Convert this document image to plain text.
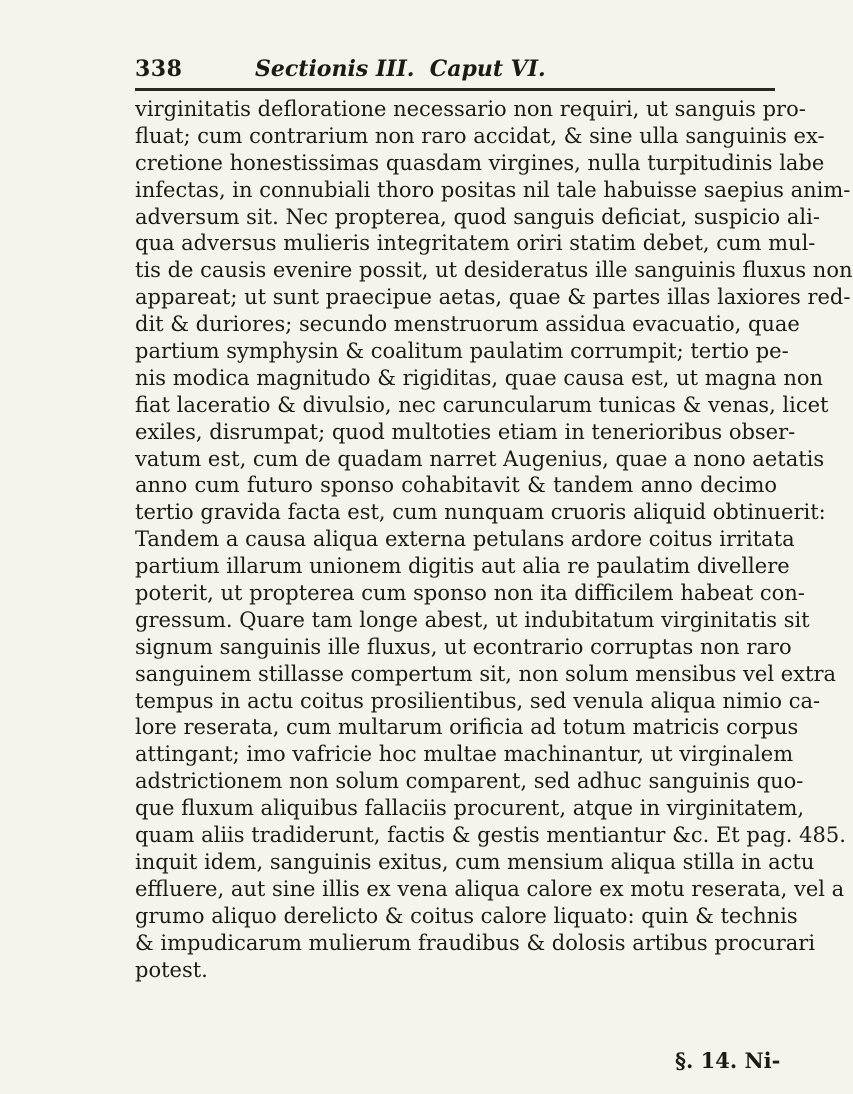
338	Sectionis III.  Caput VI.
virginitatis defloratione necessario non requiri, ut sanguis pro-
fluat; cum contrarium non raro accidat, & sine ulla sanguinis ex-
cretione honestissimas quasdam virgines, nulla turpitudinis labe
infectas, in connubiali thoro positas nil tale habuisse saepius anim-
adversum sit. Nec propterea, quod sanguis deficiat, suspicio ali-
qua adversus mulieris integritatem oriri statim debet, cum mul-
tis de causis evenire possit, ut desideratus ille sanguinis fluxus non
appareat; ut sunt praecipue aetas, quae & partes illas laxiores red-
dit & duriores; secundo menstruorum assidua evacuatio, quae
partium symphysin & coalitum paulatim corrumpit; tertio pe-
nis modica magnitudo & rigiditas, quae causa est, ut magna non
fiat laceratio & divulsio, nec caruncularum tunicas & venas, licet
exiles, disrumpat; quod multoties etiam in tenerioribus obser-
vatum est, cum de quadam narret Augenius, quae a nono aetatis
anno cum futuro sponso cohabitavit & tandem anno decimo
tertio gravida facta est, cum nunquam cruoris aliquid obtinuerit:
Tandem a causa aliqua externa petulans ardore coitus irritata
partium illarum unionem digitis aut alia re paulatim divellere
poterit, ut propterea cum sponso non ita difficilem habeat con-
gressum. Quare tam longe abest, ut indubitatum virginitatis sit
signum sanguinis ille fluxus, ut econtrario corruptas non raro
sanguinem stillasse compertum sit, non solum mensibus vel extra
tempus in actu coitus prosilientibus, sed venula aliqua nimio ca-
lore reserata, cum multarum orificia ad totum matricis corpus
attingant; imo vafricie hoc multae machinantur, ut virginalem
adstrictionem non solum comparent, sed adhuc sanguinis quo-
que fluxum aliquibus fallaciis procurent, atque in virginitatem,
quam aliis tradiderunt, factis & gestis mentiantur &c. Et pag. 485.
inquit idem, sanguinis exitus, cum mensium aliqua stilla in actu
effluere, aut sine illis ex vena aliqua calore ex motu reserata, vel a
grumo aliquo derelicto & coitus calore liquato: quin & technis
& impudicarum mulierum fraudibus & dolosis artibus procurari
potest.
§. 14. Ni-
